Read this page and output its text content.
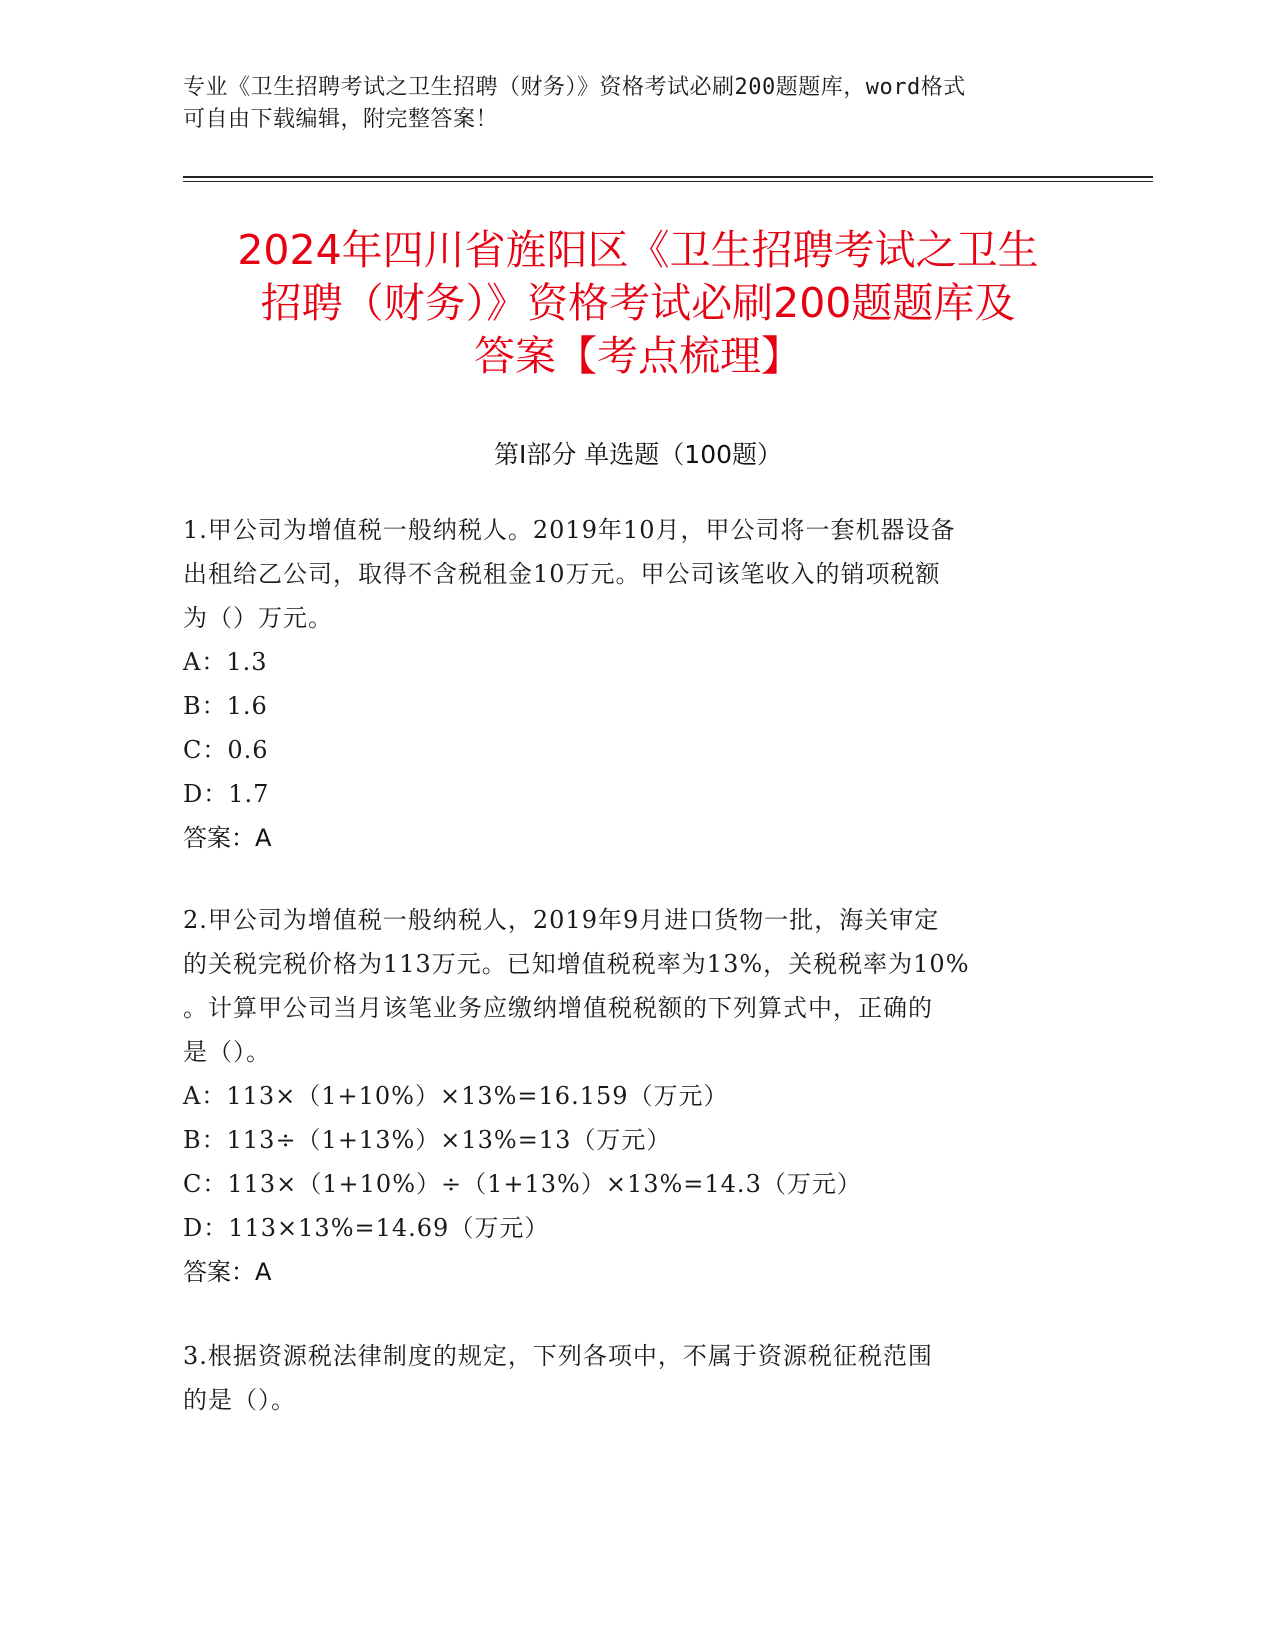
专业《卫生招聘考试之卫生招聘（财务）》资格考试必刷200题题库，word格式
可自由下载编辑，附完整答案！
2024年四川省旌阳区《卫生招聘考试之卫生
招聘（财务）》资格考试必刷200题题库及
答案【考点梳理】
第Ⅰ部分 单选题（100题）
1.甲公司为增值税一般纳税人。2019年10月，甲公司将一套机器设备
出租给乙公司，取得不含税租金10万元。甲公司该笔收入的销项税额
为（）万元。
A：1.3
B：1.6
C：0.6
D：1.7
答案：A
2.甲公司为增值税一般纳税人，2019年9月进口货物一批，海关审定
的关税完税价格为113万元。已知增值税税率为13%，关税税率为10%
。计算甲公司当月该笔业务应缴纳增值税税额的下列算式中，正确的
是（）。
A：113×（1+10%）×13%=16.159（万元）
B：113÷（1+13%）×13%=13（万元）
C：113×（1+10%）÷（1+13%）×13%=14.3（万元）
D：113×13%=14.69（万元）
答案：A
3.根据资源税法律制度的规定，下列各项中，不属于资源税征税范围
的是（）。
